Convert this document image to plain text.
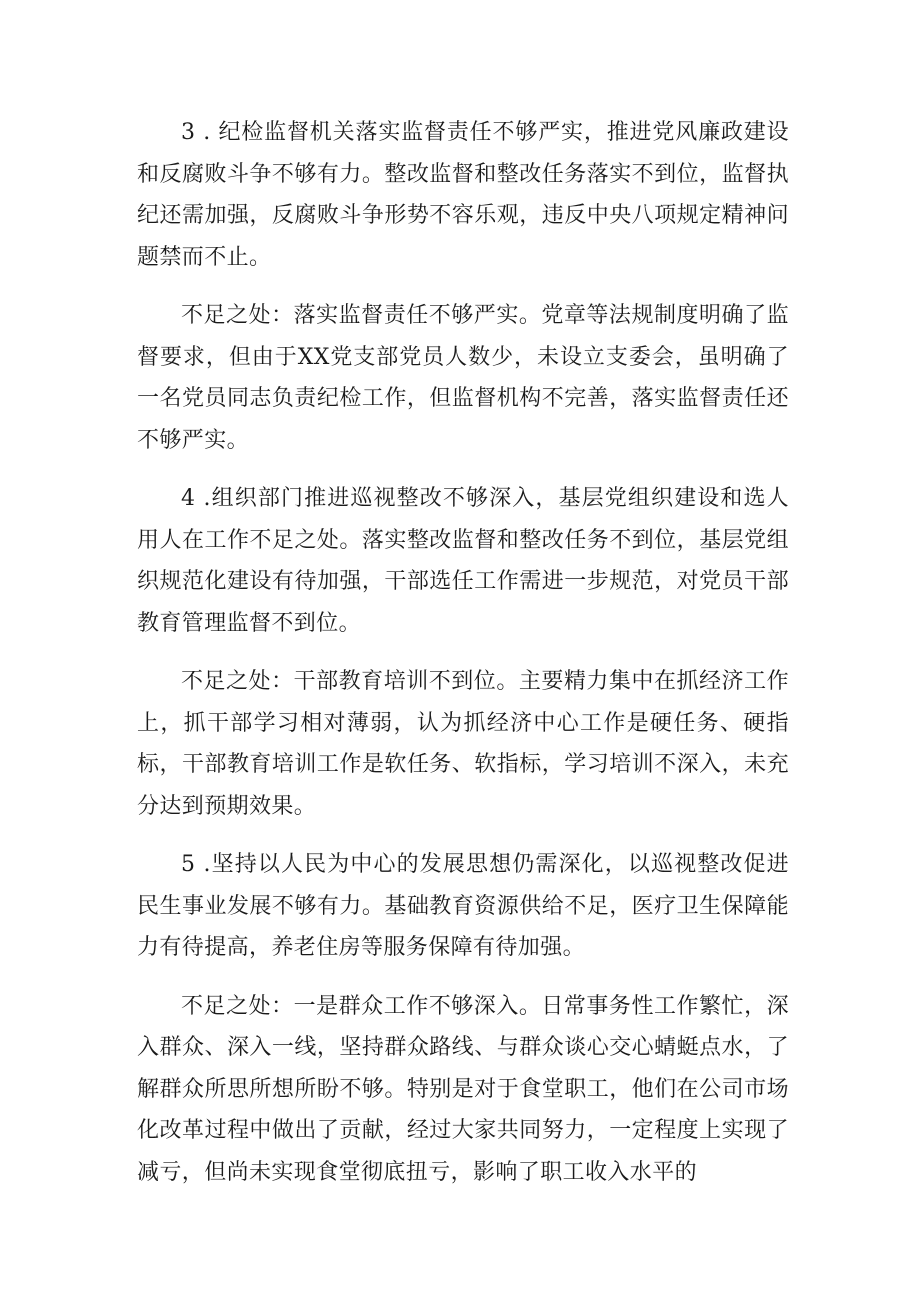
3 . 纪检监督机关落实监督责任不够严实，推进党风廉政建设和反腐败斗争不够有力。整改监督和整改任务落实不到位，监督执纪还需加强，反腐败斗争形势不容乐观，违反中央八项规定精神问题禁而不止。

不足之处：落实监督责任不够严实。党章等法规制度明确了监督要求，但由于XX党支部党员人数少，未设立支委会，虽明确了一名党员同志负责纪检工作，但监督机构不完善，落实监督责任还不够严实。

4 .组织部门推进巡视整改不够深入，基层党组织建设和选人用人在工作不足之处。落实整改监督和整改任务不到位，基层党组织规范化建设有待加强，干部选任工作需进一步规范，对党员干部教育管理监督不到位。

不足之处：干部教育培训不到位。主要精力集中在抓经济工作上，抓干部学习相对薄弱，认为抓经济中心工作是硬任务、硬指标，干部教育培训工作是软任务、软指标，学习培训不深入，未充分达到预期效果。

5 .坚持以人民为中心的发展思想仍需深化，以巡视整改促进民生事业发展不够有力。基础教育资源供给不足，医疗卫生保障能力有待提高，养老住房等服务保障有待加强。

不足之处：一是群众工作不够深入。日常事务性工作繁忙，深入群众、深入一线，坚持群众路线、与群众谈心交心蜻蜓点水，了解群众所思所想所盼不够。特别是对于食堂职工，他们在公司市场化改革过程中做出了贡献，经过大家共同努力，一定程度上实现了减亏，但尚未实现食堂彻底扭亏，影响了职工收入水平的
